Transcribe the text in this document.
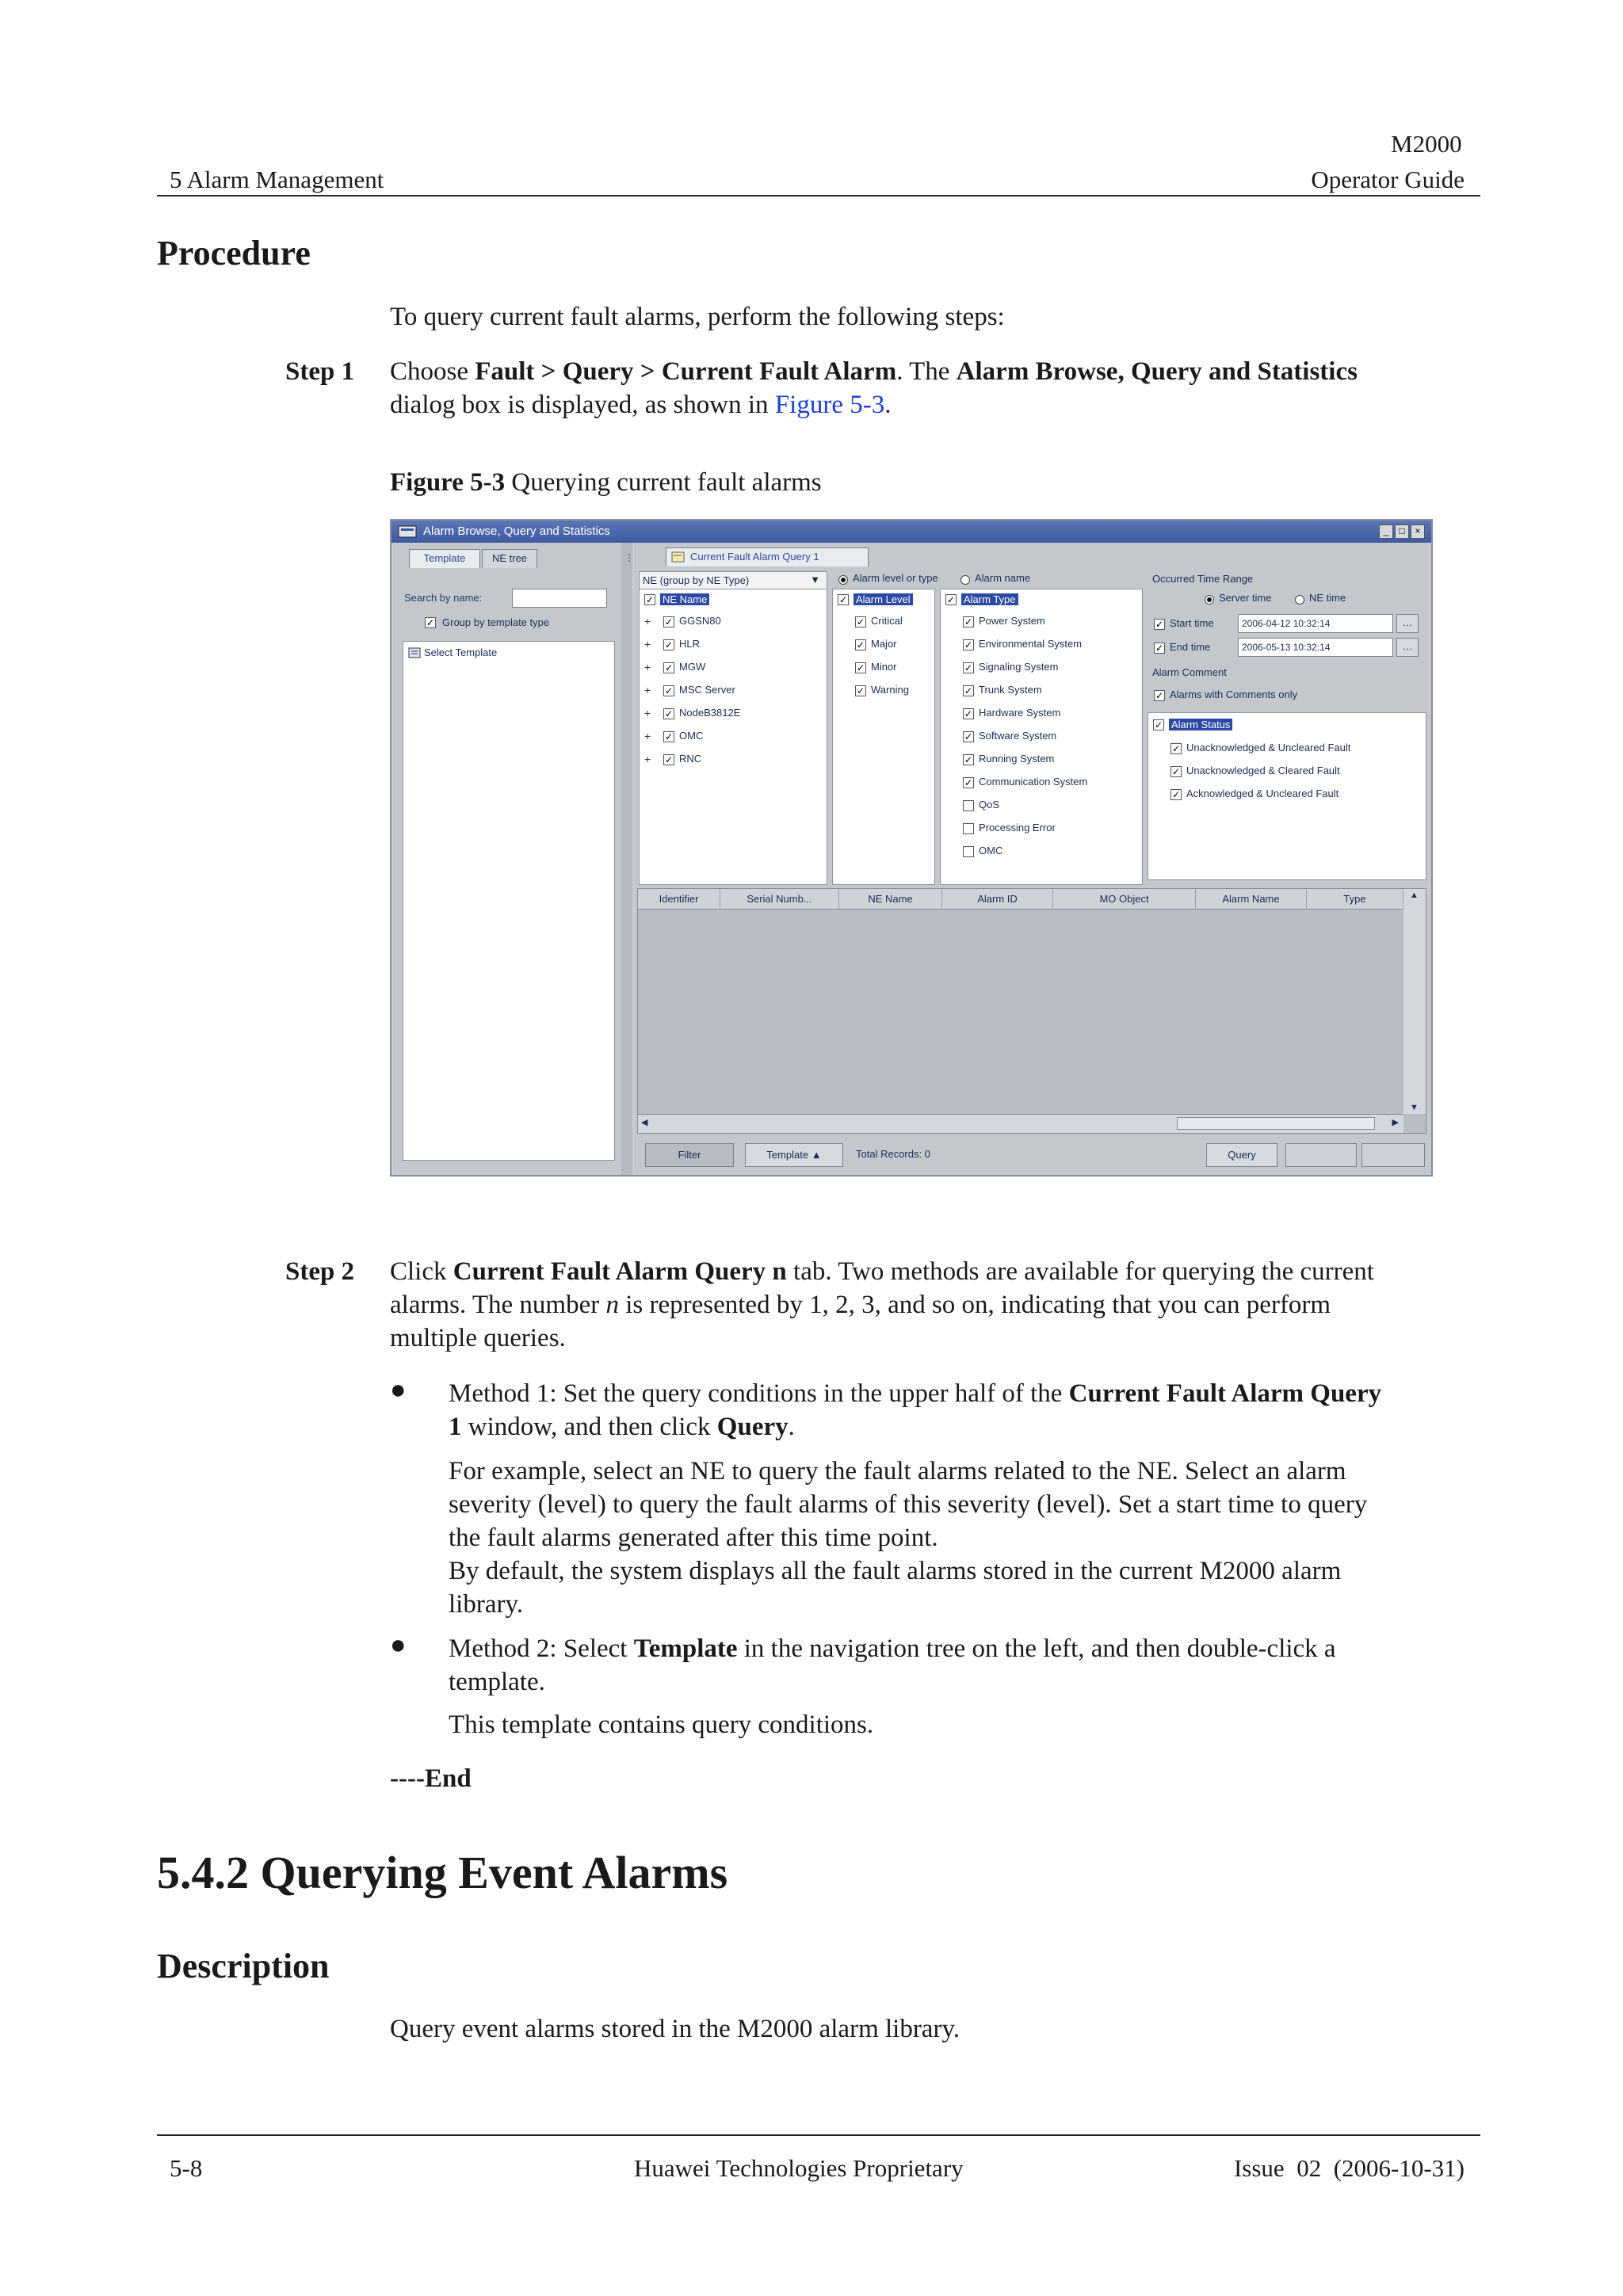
M2000
5 Alarm Management	Operator Guide
Procedure
To query current fault alarms, perform the following steps:
Step 1 Choose Fault > Query > Current Fault Alarm. The Alarm Browse, Query and Statistics
dialog box is displayed, as shown in Figure 5-3.
Figure 5-3 Querying current fault alarms
Alarm Browse, Query and Statistics	_	□	×
Template	NE tree
Search by name:
✓ Group by template type
Select Template
⋮	Current Fault Alarm Query 1
NE (group by NE Type)	▼
✓ NE Name
+ ✓ GGSN80
+ ✓ HLR
+ ✓ MGW
+ ✓ MSC Server
+ ✓ NodeB3812E
+ ✓ OMC
+ ✓ RNC
Alarm level or type	Alarm name
✓ Alarm Level
✓ Critical
✓ Major
✓ Minor
✓ Warning
✓ Alarm Type
✓ Power System
✓ Environmental System
✓ Signaling System
✓ Trunk System
✓ Hardware System
✓ Software System
✓ Running System
✓ Communication System
QoS
Processing Error
OMC
Occurred Time Range
Server time	NE time
✓ Start time	2006-04-12 10:32:14	…
✓ End time	2006-05-13 10:32:14	…
Alarm Comment
✓ Alarms with Comments only
✓ Alarm Status
✓ Unacknowledged & Uncleared Fault
✓ Unacknowledged & Cleared Fault
✓ Acknowledged & Uncleared Fault
Identifier	Serial Numb...	NE Name	Alarm ID	MO Object	Alarm Name	Type	▲
▼
◀	▶
Filter	Template ▲	Total Records: 0	Query
Step 2 Click Current Fault Alarm Query n tab. Two methods are available for querying the current
alarms. The number n is represented by 1, 2, 3, and so on, indicating that you can perform
multiple queries.
● Method 1: Set the query conditions in the upper half of the Current Fault Alarm Query
1 window, and then click Query.
For example, select an NE to query the fault alarms related to the NE. Select an alarm
severity (level) to query the fault alarms of this severity (level). Set a start time to query
the fault alarms generated after this time point.
By default, the system displays all the fault alarms stored in the current M2000 alarm
library.
● Method 2: Select Template in the navigation tree on the left, and then double-click a
template.
This template contains query conditions.
----End
5.4.2 Querying Event Alarms
Description
Query event alarms stored in the M2000 alarm library.
5-8	Huawei Technologies Proprietary	Issue  02  (2006-10-31)
